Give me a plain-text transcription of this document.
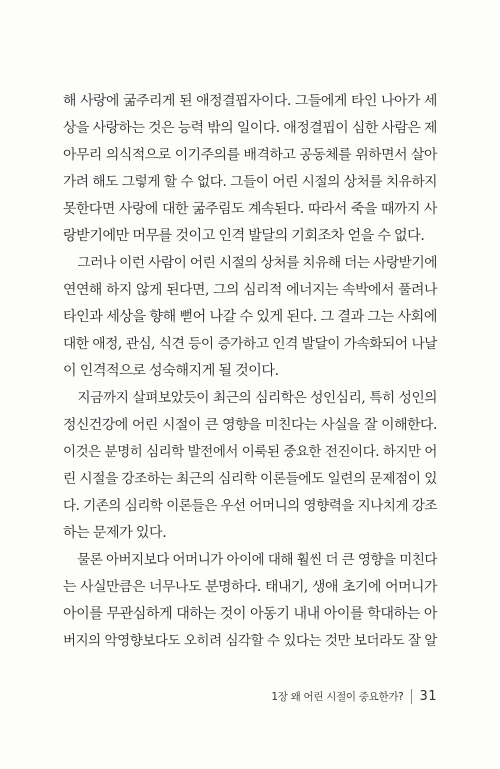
해 사랑에 굶주리게 된 애정결핍자이다. 그들에게 타인 나아가 세
상을 사랑하는 것은 능력 밖의 일이다. 애정결핍이 심한 사람은 제
아무리 의식적으로 이기주의를 배격하고 공동체를 위하면서 살아
가려 해도 그렇게 할 수 없다. 그들이 어린 시절의 상처를 치유하지
못한다면 사랑에 대한 굶주림도 계속된다. 따라서 죽을 때까지 사
랑받기에만 머무를 것이고 인격 발달의 기회조차 얻을 수 없다.
그러나 이런 사람이 어린 시절의 상처를 치유해 더는 사랑받기에
연연해 하지 않게 된다면, 그의 심리적 에너지는 속박에서 풀려나
타인과 세상을 향해 뻗어 나갈 수 있게 된다. 그 결과 그는 사회에
대한 애정, 관심, 식견 등이 증가하고 인격 발달이 가속화되어 나날
이 인격적으로 성숙해지게 될 것이다.
지금까지 살펴보았듯이 최근의 심리학은 성인심리, 특히 성인의
정신건강에 어린 시절이 큰 영향을 미친다는 사실을 잘 이해한다.
이것은 분명히 심리학 발전에서 이룩된 중요한 전진이다. 하지만 어
린 시절을 강조하는 최근의 심리학 이론들에도 일련의 문제점이 있
다. 기존의 심리학 이론들은 우선 어머니의 영향력을 지나치게 강조
하는 문제가 있다.
물론 아버지보다 어머니가 아이에 대해 훨씬 더 큰 영향을 미친다
는 사실만큼은 너무나도 분명하다. 태내기, 생애 초기에 어머니가
아이를 무관심하게 대하는 것이 아동기 내내 아이를 학대하는 아
버지의 악영향보다도 오히려 심각할 수 있다는 것만 보더라도 잘 알
1장 왜 어린 시절이 중요한가? 31
